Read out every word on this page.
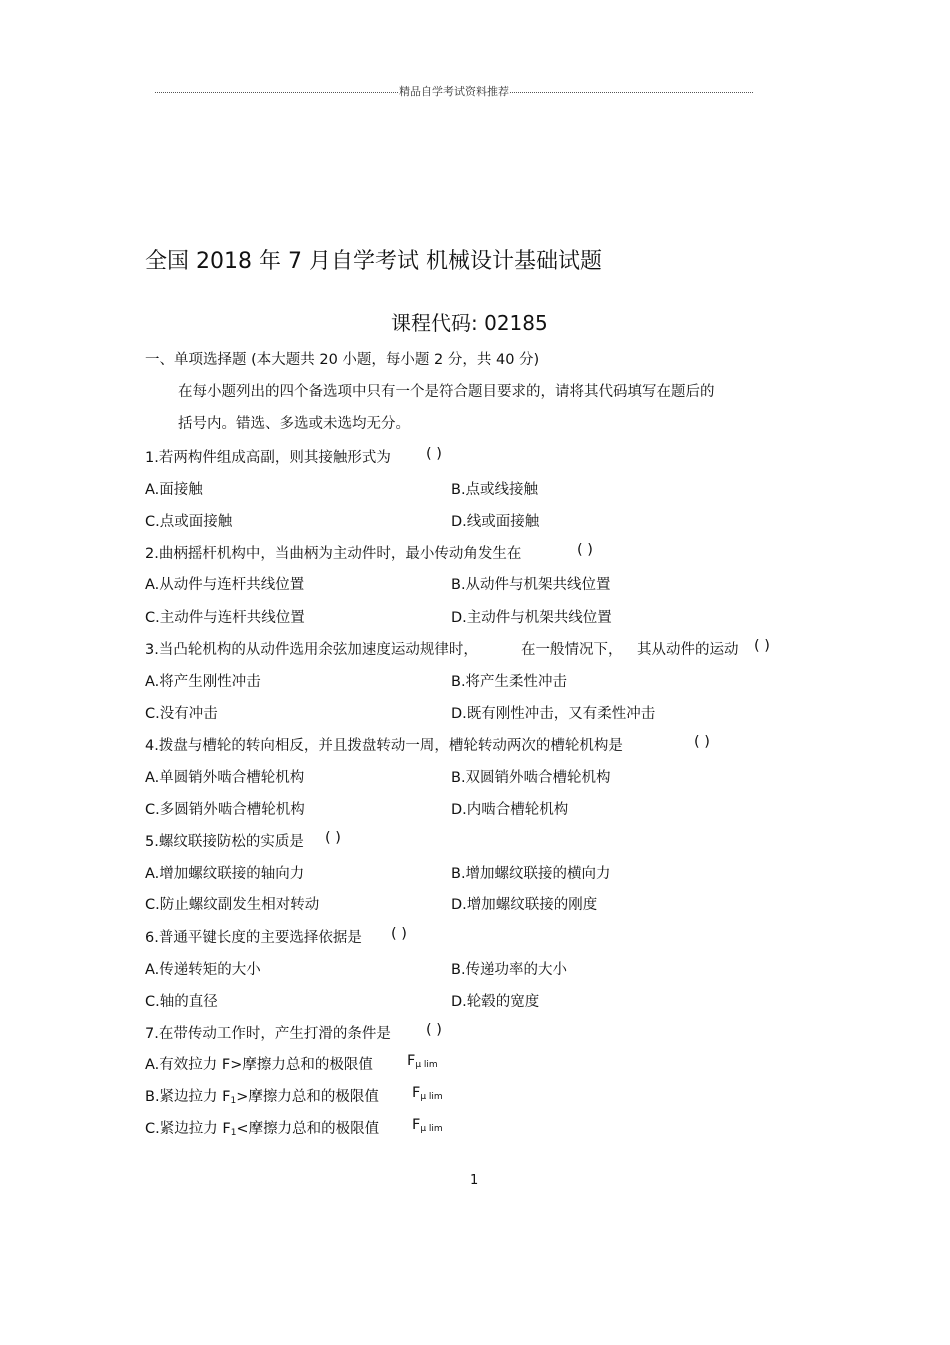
精品自学考试资料推荐
全国 2018 年 7 月自学考试 机械设计基础试题
课程代码: 02185
一、单项选择题 (本大题共 20 小题，每小题 2 分，共 40 分)
在每小题列出的四个备选项中只有一个是符合题目要求的，请将其代码填写在题后的
括号内。错选、多选或未选均无分。
1.若两构件组成高副，则其接触形式为 ( )
A.面接触	B.点或线接触
C.点或面接触	D.线或面接触
2.曲柄摇杆机构中，当曲柄为主动件时，最小传动角发生在	( )
A.从动件与连杆共线位置	B.从动件与机架共线位置
C.主动件与连杆共线位置	D.主动件与机架共线位置
3.当凸轮机构的从动件选用余弦加速度运动规律时，	在一般情况下， 其从动件的运动 ( )
A.将产生刚性冲击	B.将产生柔性冲击
C.没有冲击	D.既有刚性冲击，又有柔性冲击
4.拨盘与槽轮的转向相反，并且拨盘转动一周，槽轮转动两次的槽轮机构是	( )
A.单圆销外啮合槽轮机构	B.双圆销外啮合槽轮机构
C.多圆销外啮合槽轮机构	D.内啮合槽轮机构
5.螺纹联接防松的实质是 ( )
A.增加螺纹联接的轴向力	B.增加螺纹联接的横向力
C.防止螺纹副发生相对转动	D.增加螺纹联接的刚度
6.普通平键长度的主要选择依据是 ( )
A.传递转矩的大小	B.传递功率的大小
C.轴的直径	D.轮毂的宽度
7.在带传动工作时，产生打滑的条件是 ( )
A.有效拉力 F>摩擦力总和的极限值 $F_{\mu lim}$
B.紧边拉力 $F_1>$摩擦力总和的极限值 $F_{\mu lim}$
C.紧边拉力 $F_1<$摩擦力总和的极限值 $F_{\mu lim}$
1
